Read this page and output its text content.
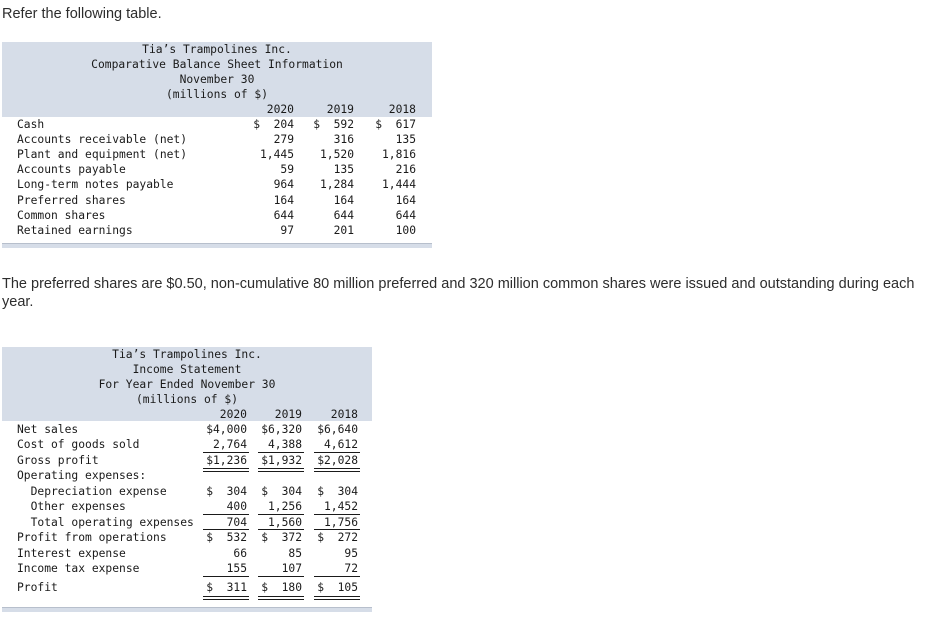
Refer the following table.
Tia’s Trampolines Inc.
Comparative Balance Sheet Information
November 30
(millions of $)
2020	2019	2018
Cash	$  204 $  592 $  617
Accounts receivable (net)	279	316	135
Plant and equipment (net)	1,445	1,520	1,816
Accounts payable	59	135	216
Long-term notes payable	964	1,284	1,444
Preferred shares	164	164	164
Common shares	644	644	644
Retained earnings	97	201	100
The preferred shares are $0.50, non-cumulative 80 million preferred and 320 million common shares were issued and outstanding during each year.
Tia’s Trampolines Inc.
Income Statement
For Year Ended November 30
(millions of $)
2020	2019	2018
Net sales	$4,000 $6,320 $6,640
Cost of goods sold	2,764	4,388	4,612
Gross profit	$1,236 $1,932 $2,028
Operating expenses:
Depreciation expense	$  304 $  304 $  304
Other expenses	400	1,256	1,452
Total operating expenses	704	1,560	1,756
Profit from operations	$  532 $  372 $  272
Interest expense	66	85	95
Income tax expense	155	107	72
Profit	$  311 $  180 $  105
